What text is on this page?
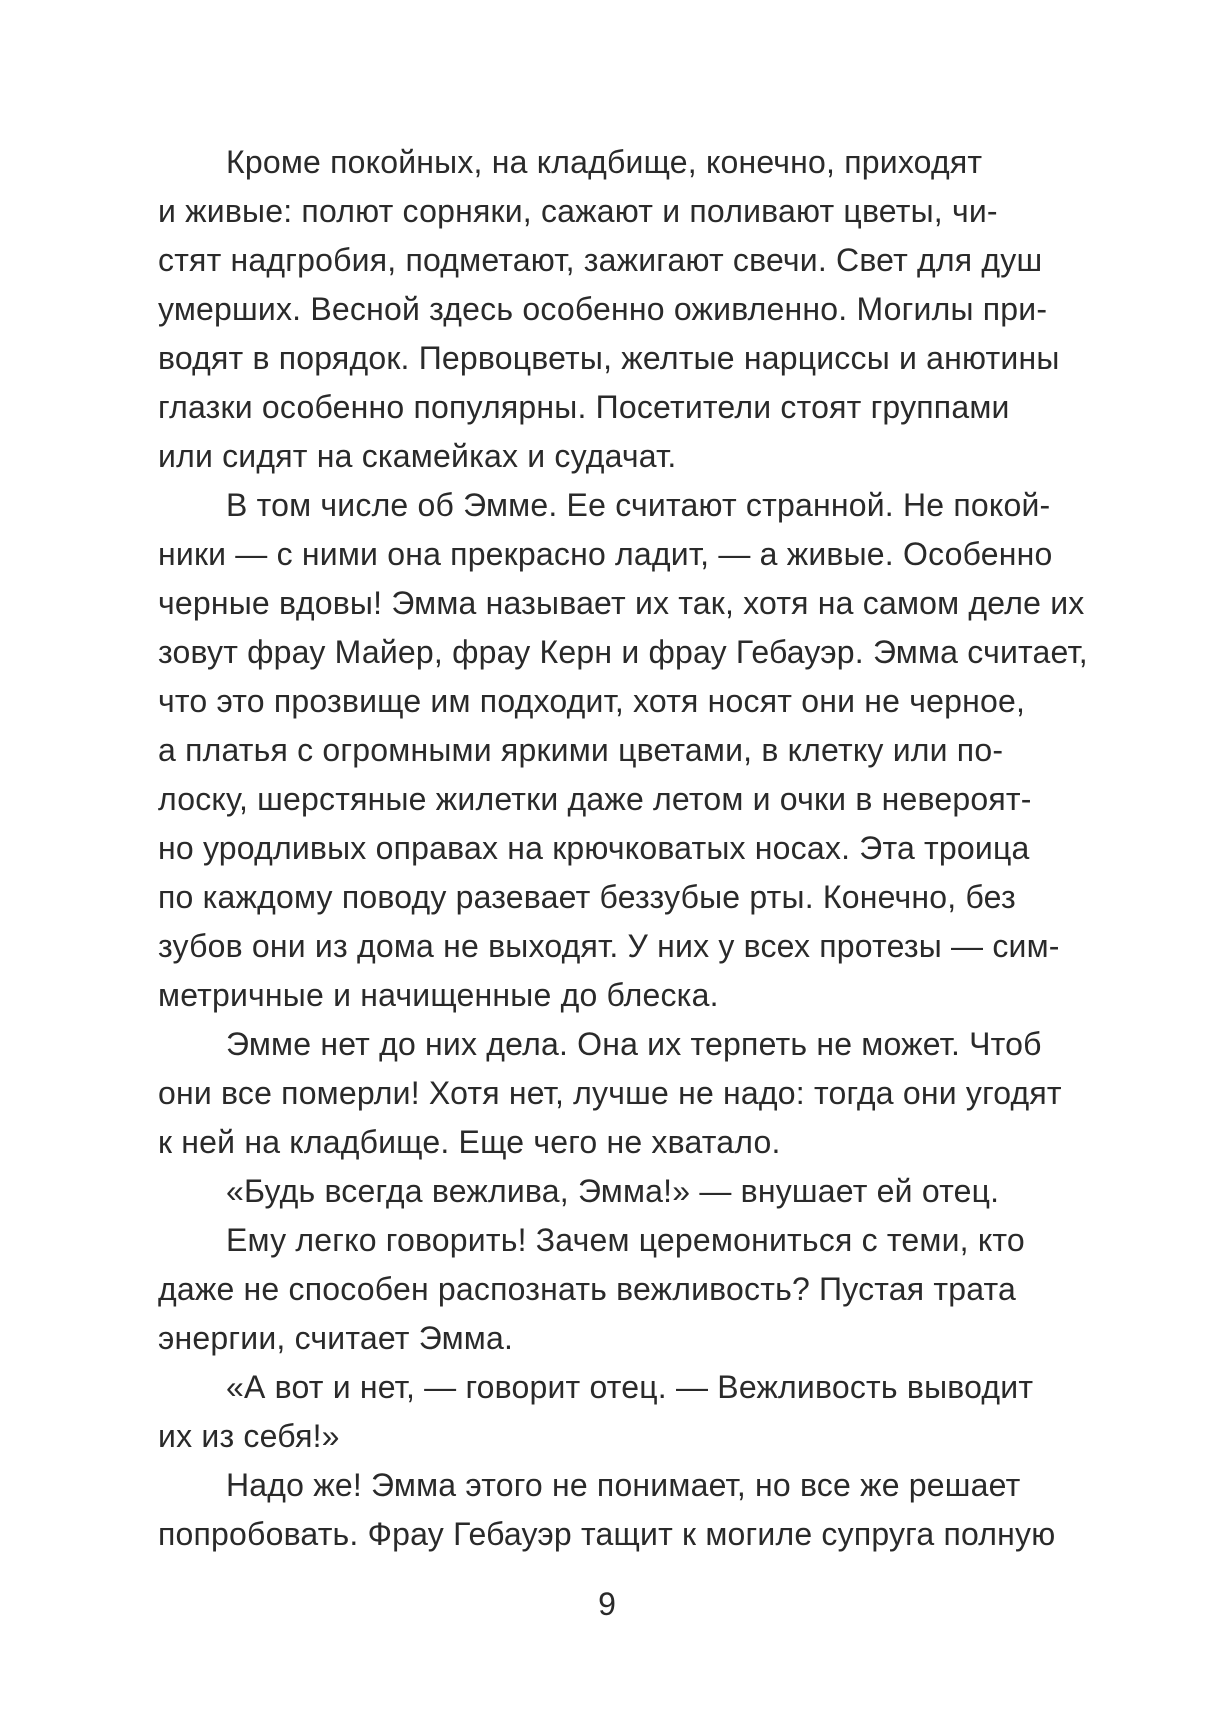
Кроме покойных, на кладбище, конечно, приходят
и живые: полют сорняки, сажают и поливают цветы, чи-
стят надгробия, подметают, зажигают свечи. Свет для душ
умерших. Весной здесь особенно оживленно. Могилы при-
водят в порядок. Первоцветы, желтые нарциссы и анютины
глазки особенно популярны. Посетители стоят группами
или сидят на скамейках и судачат.
В том числе об Эмме. Ее считают странной. Не покой-
ники — с ними она прекрасно ладит, — а живые. Особенно
черные вдовы! Эмма называет их так, хотя на самом деле их
зовут фрау Майер, фрау Керн и фрау Гебауэр. Эмма считает,
что это прозвище им подходит, хотя носят они не черное,
а платья с огромными яркими цветами, в клетку или по-
лоску, шерстяные жилетки даже летом и очки в невероят-
но уродливых оправах на крючковатых носах. Эта троица
по каждому поводу разевает беззубые рты. Конечно, без
зубов они из дома не выходят. У них у всех протезы — сим-
метричные и начищенные до блеска.
Эмме нет до них дела. Она их терпеть не может. Чтоб
они все померли! Хотя нет, лучше не надо: тогда они угодят
к ней на кладбище. Еще чего не хватало.
«Будь всегда вежлива, Эмма!» — внушает ей отец.
Ему легко говорить! Зачем церемониться с теми, кто
даже не способен распознать вежливость? Пустая трата
энергии, считает Эмма.
«А вот и нет, — говорит отец. — Вежливость выводит
их из себя!»
Надо же! Эмма этого не понимает, но все же решает
попробовать. Фрау Гебауэр тащит к могиле супруга полную
9
